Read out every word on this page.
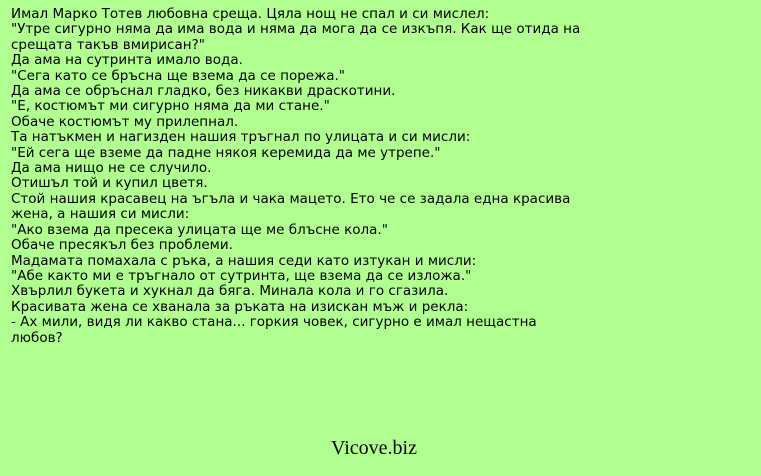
Имал Марко Тотев любовна среща. Цяла нощ не спал и си мислел:
"Утре сигурно няма да има вода и няма да мога да се изкъпя. Как ще отида на срещата такъв вмирисан?"
Да ама на сутринта имало вода.
"Сега като се бръсна ще взема да се порежа."
Да ама се обръснал гладко, без никакви драскотини.
"Е, костюмът ми сигурно няма да ми стане."
Обаче костюмът му прилепнал.
Та натъкмен и нагизден нашия тръгнал по улицата и си мисли:
"Ей сега ще вземе да падне някоя керемида да ме утрепе."
Да ама нищо не се случило.
Отишъл той и купил цветя.
Стой нашия красавец на ъгъла и чака мацето. Ето че се задала една красива жена, а нашия си мисли:
"Ако взема да пресека улицата ще ме блъсне кола."
Обаче пресякъл без проблеми.
Мадамата помахала с ръка, а нашия седи като изтукан и мисли:
"Абе както ми е тръгнало от сутринта, ще взема да се изложа."
Хвърлил букета и хукнал да бяга. Минала кола и го сгазила.
Красивата жена се хванала за ръката на изискан мъж и рекла:
- Ах мили, видя ли какво стана... горкия човек, сигурно е имал нещастна любов?
Vicove.biz
